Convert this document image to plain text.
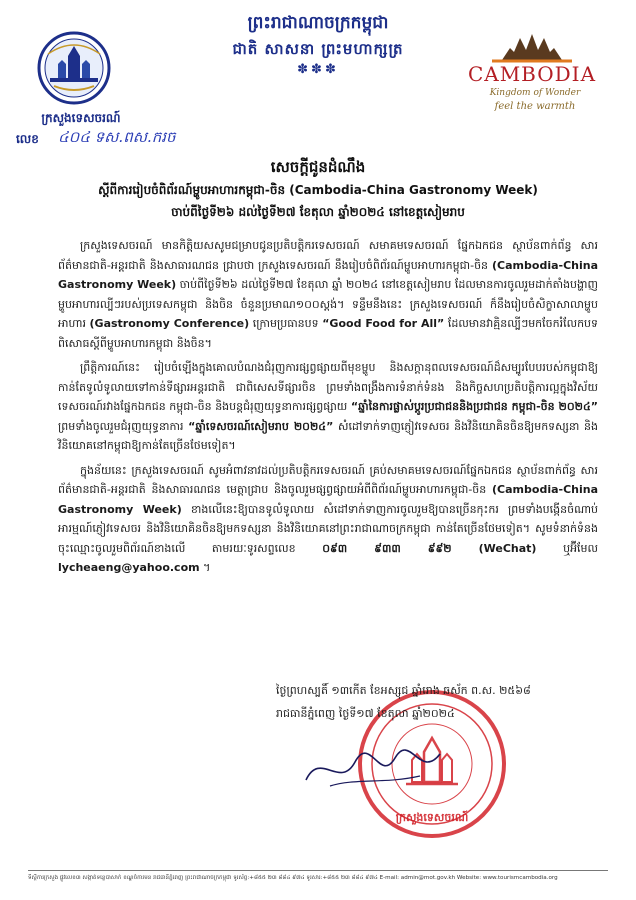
ព្រះរាជាណាចក្រកម្ពុជា
ជាតិ សាសនា ព្រះមហាក្សត្រ
✽✽✽
ក្រសួងទេសចរណ៍
លេខ ៤០៤ ទស.ពស.ករច
CAMBODIA
Kingdom of Wonder
feel the warmth
សេចក្តីជូនដំណឹង
ស្តីពីការរៀបចំពិព័រណ៍ម្ហូបអាហារកម្ពុជា-ចិន (Cambodia-China Gastronomy Week)
ចាប់ពីថ្ងៃទី២៦ ដល់ថ្ងៃទី២៧ ខែតុលា ឆ្នាំ២០២៤ នៅខេត្តសៀមរាប

ក្រសួងទេសចរណ៍ មានកិត្តិយសសូមជម្រាបជូនប្រតិបត្តិករទេសចរណ៍ សមាគមទេសចរណ៍ ផ្នែកឯកជន ស្ថាប័នពាក់ព័ន្ធ សារព័ត៌មានជាតិ-អន្តរជាតិ និងសាធារណជន ជ្រាបថា ក្រសួងទេសចរណ៍ នឹងរៀបចំពិព័រណ៍ម្ហូបអាហារកម្ពុជា-ចិន (Cambodia-China Gastronomy Week) ចាប់ពីថ្ងៃទី២៦ ដល់ថ្ងៃទី២៧ ខែតុលា ឆ្នាំ ២០២៤ នៅខេត្តសៀមរាប ដែលមានការចូលរួមដាក់តាំងបង្ហាញម្ហូបអាហារល្បីៗរបស់ប្រទេសកម្ពុជា និងចិន ចំនួនប្រមាណ១០០ស្តង់។ ទន្ទឹមនឹងនេះ ក្រសួងទេសចរណ៍ ក៏នឹងរៀបចំសិក្ខាសាលាម្ហូបអាហារ (Gastronomy Conference) ក្រោមប្រធានបទ “Good Food for All” ដែលមានវាគ្មិនល្បីៗមកចែករំលែកបទពិសោធស្តីពីម្ហូបអាហារកម្ពុជា និងចិន។

ព្រឹត្តិការណ៍នេះ រៀបចំឡើងក្នុងគោលបំណងជំរុញការផ្សព្វផ្សាយពីមុខម្ហូប និងសក្តានុពលទេសចរណ៍ដ៏សម្បូរបែបរបស់កម្ពុជាឱ្យកាន់តែទូលំទូលាយទៅកាន់ទីផ្សារអន្តរជាតិ ជាពិសេសទីផ្សារចិន ព្រមទាំងពង្រឹងការទំនាក់ទំនង និងកិច្ចសហប្រតិបត្តិការល្អក្នុងវិស័យទេសចរណ៍រវាងផ្នែកឯកជន កម្ពុជា-ចិន និងបន្តជំរុញយុទ្ធនាការផ្សព្វផ្សាយ “ឆ្នាំនៃការផ្លាស់ប្តូរប្រជាជននិងប្រជាជន កម្ពុជា-ចិន ២០២៤” ព្រមទាំងចូលរួមជំរុញយុទ្ធនាការ “ឆ្នាំទេសចរណ៍សៀមរាប ២០២៤” សំដៅទាក់ទាញភ្ញៀវទេសចរ និងវិនិយោគិនចិនឱ្យមកទស្សនា និងវិនិយោគនៅកម្ពុជាឱ្យកាន់តែច្រើនថែមទៀត។

ក្នុងន័យនេះ ក្រសួងទេសចរណ៍ សូមអំពាវនាវដល់ប្រតិបត្តិករទេសចរណ៍ គ្រប់សមាគមទេសចរណ៍ផ្នែកឯកជន ស្ថាប័នពាក់ព័ន្ធ សារព័ត៌មានជាតិ-អន្តរជាតិ និងសាធារណជន មេត្តាជ្រាប និងចូលរួមផ្សព្វផ្សាយអំពីពិព័រណ៍ម្ហូបអាហារកម្ពុជា-ចិន (Cambodia-China Gastronomy Week) ខាងលើនេះឱ្យបានទូលំទូលាយ សំដៅទាក់ទាញការចូលរួមឱ្យបានច្រើនកុះករ ព្រមទាំងបង្កើនចំណាប់អារម្មណ៍ភ្ញៀវទេសចរ និងវិនិយោគិនចិនឱ្យមកទស្សនា និងវិនិយោគនៅព្រះរាជាណាចក្រកម្ពុជា កាន់តែច្រើនថែមទៀត។ សូមទំនាក់ទំនងចុះឈ្មោះចូលរួមពិព័រណ៍ខាងលើ តាមរយៈទូរសព្ទលេខ ០៩៣ ៩៣៣ ៩៩២ (WeChat) ឬអ៊ីមែល lycheaeng@yahoo.com ។

ក្រសួងទេសចរណ៍
ថ្ងៃព្រហស្បតិ៍ ១៣កើត ខែអស្សុជ ឆ្នាំរោង ឆស័ក ព.ស. ២៥៦៨
រាជធានីភ្នំពេញ ថ្ងៃទី១៧ ខែតុលា ឆ្នាំ២០២៤
ទីស្តីការក្រសួង ផ្លូវលេខ៣ សង្កាត់ទន្លេបាសាក់ ខណ្ឌចំការមន រាជធានីភ្នំពេញ ព្រះរាជាណាចក្រកម្ពុជា ទូរស័ព្ទ:+៨៥៥ ២៣ ៨៨៤ ៩៧៤ ទូរសារ:+៨៥៥ ២៣ ៨៨៤ ៩៧៤ E-mail: admin@mot.gov.kh Website: www.tourismcambodia.org
